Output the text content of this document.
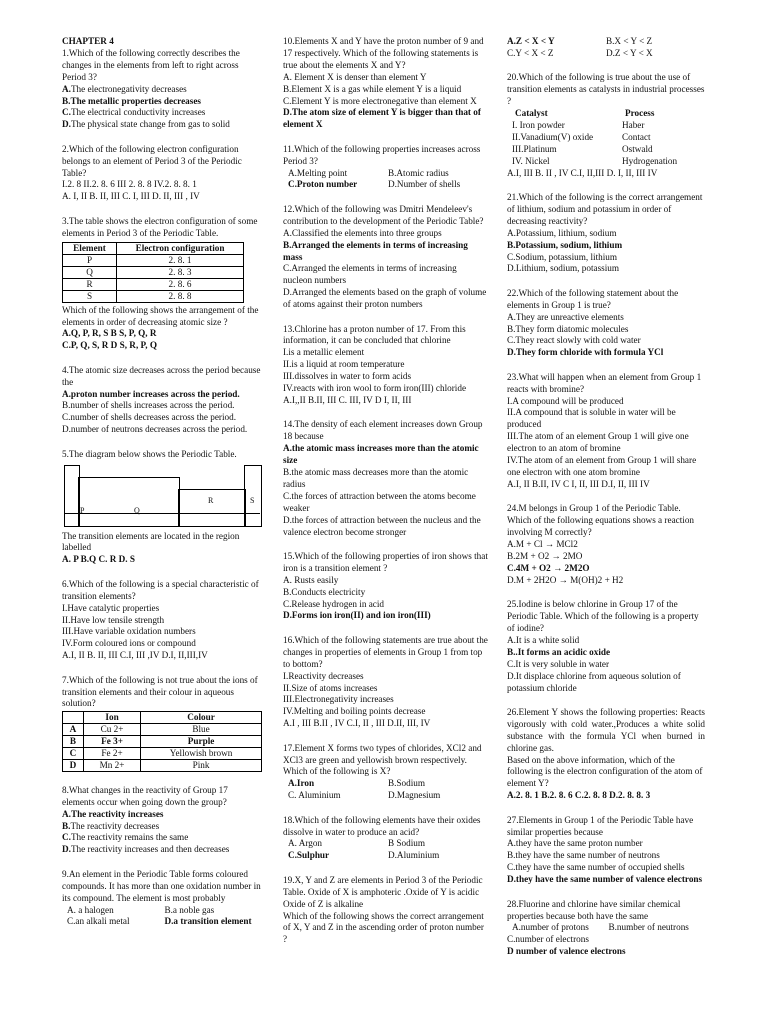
CHAPTER 4

1.Which of the following correctly describes the changes in the elements from left to right across Period 3?

A.The electronegativity decreases

B.The metallic properties decreases

C.The electrical conductivity increases

D.The physical state change from gas to solid

2.Which of the following electron configuration belongs to an element of Period 3 of the Periodic Table?

I.2. 8 II.2. 8. 6 III 2. 8. 8 IV.2. 8. 8. 1

A. I, II B. II, III C. I, III D. II, III , IV

3.The table shows the electron configuration of some elements in Period 3 of the Periodic Table.

Element	Electron configuration
P	2. 8. 1
Q	2. 8. 3
R	2. 8. 6
S	2. 8. 8

Which of the following shows the arrangement of the elements in order of decreasing atomic size ?

A.Q, P, R, S B S, P, Q, R

C.P, Q, S, R D S, R, P, Q

4.The atomic size decreases across the period because the

A.proton number increases across the period.

B.number of shells increases across the period.

C.number of shells decreases across the period.

D.number of neutrons decreases across the period.

5.The diagram below shows the Periodic Table.

P	Q
R	S

The transition elements are located in the region labelled

A. P B.Q C. R D. S

6.Which of the following is a special characteristic of transition elements?

I.Have catalytic properties

II.Have low tensile strength

III.Have variable oxidation numbers

IV.Form coloured ions or compound

A.I, II B. II, III C.I, III ,IV D.I, II,III,IV

7.Which of the following is not true about the ions of transition elements and their colour in aqueous solution?

	Ion	Colour
A	Cu 2+	Blue
B	Fe 3+	Purple
C	Fe 2+	Yellowish brown
D	Mn 2+	Pink

8.What changes in the reactivity of Group 17 elements occur when going down the group?

A.The reactivity increases

B.The reactivity decreases

C.The reactivity remains the same

D.The reactivity increases and then decreases

9.An element in the Periodic Table forms coloured compounds. It has more than one oxidation number in its compound. The element is most probably

A. a halogen	B.a noble gas
C.an alkali metal	D.a transition element

10.Elements X and Y have the proton number of 9 and 17 respectively. Which of the following statements is true about the elements X and Y?

A. Element X is denser than element Y

B.Element X is a gas while element Y is a liquid

C.Element Y is more electronegative than element X

D.The atom size of element Y is bigger than that of element X

11.Which of the following properties increases across Period 3?

A.Melting point	B.Atomic radius
C.Proton number	D.Number of shells

12.Which of the following was Dmitri Mendeleev's contribution to the development of the Periodic Table?

A.Classified the elements into three groups

B.Arranged the elements in terms of increasing mass

C.Arranged the elements in terms of increasing nucleon numbers

D.Arranged the elements based on the graph of volume of atoms against their proton numbers

13.Chlorine has a proton number of 17. From this information, it can be concluded that chlorine

I.is a metallic element

II.is a liquid at room temperature

III.dissolves in water to form acids

IV.reacts with iron wool to form iron(III) chloride

A.I,,II B.II, III C. III, IV D I, II, III

14.The density of each element increases down Group 18 because

A.the atomic mass increases more than the atomic size

B.the atomic mass decreases more than the atomic radius

C.the forces of attraction between the atoms become weaker

D.the forces of attraction between the nucleus and the valence electron become stronger

15.Which of the following properties of iron shows that iron is a transition element ?

A. Rusts easily

B.Conducts electricity

C.Release hydrogen in acid

D.Forms ion iron(II) and ion iron(III)

16.Which of the following statements are true about the changes in properties of elements in Group 1 from top to bottom?

I.Reactivity decreases

II.Size of atoms increases

III.Electronegativity increases

IV.Melting and boiling points decrease

A.I , III B.II , IV C.I, II , III D.II, III, IV

17.Element X forms two types of chlorides, XCl2 and XCl3 are green and yellowish brown respectively. Which of the following is X?

A.Iron	B.Sodium
C. Aluminium	D.Magnesium

18.Which of the following elements have their oxides dissolve in water to produce an acid?

A. Argon	B Sodium
C.Sulphur	D.Aluminium

19.X, Y and Z are elements in Period 3 of the Periodic Table. Oxide of X is amphoteric .Oxide of Y is acidic Oxide of Z is alkaline

Which of the following shows the correct arrangement of X, Y and Z in the ascending order of proton number ?

A.Z < X < Y	B.X < Y < Z
C.Y < X < Z	D.Z < Y < X

20.Which of the following is true about the use of transition elements as catalysts in industrial processes ?

Catalyst	Process
I. Iron powder	Haber
II.Vanadium(V) oxide	Contact
III.Platinum	Ostwald
IV. Nickel	Hydrogenation

A.I, III B. II , IV C.I, II,III D. I, II, III IV

21.Which of the following is the correct arrangement of lithium, sodium and potassium in order of decreasing reactivity?

A.Potassium, lithium, sodium

B.Potassium, sodium, lithium

C.Sodium, potassium, lithium

D.Lithium, sodium, potassium

22.Which of the following statement about the elements in Group 1 is true?

A.They are unreactive elements

B.They form diatomic molecules

C.They react slowly with cold water

D.They form chloride with formula YCl

23.What will happen when an element from Group 1 reacts with bromine?

I.A compound will be produced

II.A compound that is soluble in water will be produced

III.The atom of an element Group 1 will give one electron to an atom of bromine

IV.The atom of an element from Group 1 will share one electron with one atom bromine

A.I, II B.II, IV C I, II, III D.I, II, III IV

24.M belongs in Group 1 of the Periodic Table. Which of the following equations shows a reaction involving M correctly?

A.M + Cl → MCl2

B.2M + O2 → 2MO

C.4M + O2 → 2M2O

D.M + 2H2O → M(OH)2 + H2

25.Iodine is below chlorine in Group 17 of the Periodic Table. Which of the following is a property of iodine?

A.It is a white solid

B..It forms an acidic oxide

C.It is very soluble in water

D.It displace chlorine from aqueous solution of potassium chloride

26.Element Y shows the following properties: Reacts vigorously with cold water.,Produces a white solid substance with the formula YCl when burned in chlorine gas.

Based on the above information, which of the following is the electron configuration of the atom of element Y?

A.2. 8. 1 B.2. 8. 6 C.2. 8. 8 D.2. 8. 8. 3

27.Elements in Group 1 of the Periodic Table have similar properties because

A.they have the same proton number

B.they have the same number of neutrons

C.they have the same number of occupied shells

D.they have the same number of valence electrons

28.Fluorine and chlorine have similar chemical properties because both have the same

A.number of protons	B.number of neutrons

C.number of electrons

D number of valence electrons
